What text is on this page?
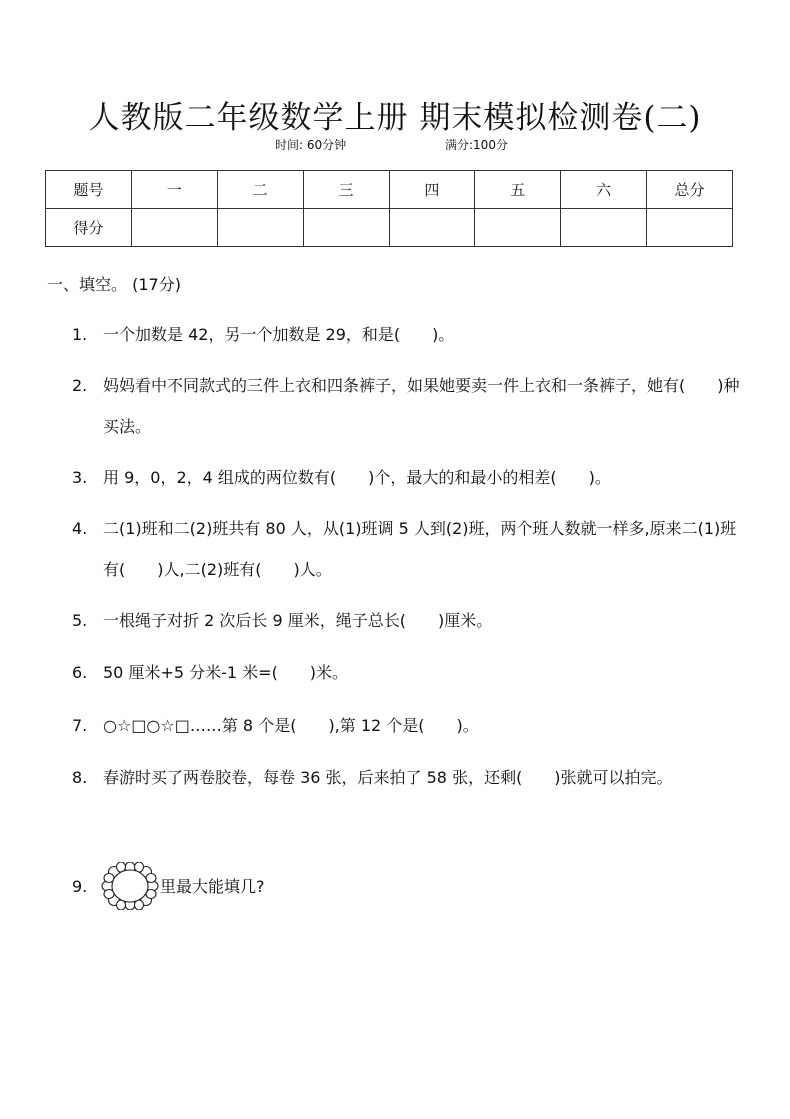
人教版二年级数学上册 期末模拟检测卷(二)
时间: 60分钟	满分:100分
题号	一	二	三	四	五	六	总分
得分							
一、填空。 (17分)
1. 一个加数是 42，另一个加数是 29，和是(　　)。
2. 妈妈看中不同款式的三件上衣和四条裤子，如果她要卖一件上衣和一条裤子，她有(　　)种买法。
3. 用 9，0，2，4 组成的两位数有(　　)个，最大的和最小的相差(　　)。
4. 二(1)班和二(2)班共有 80 人，从(1)班调 5 人到(2)班，两个班人数就一样多,原来二(1)班有(　　)人,二(2)班有(　　)人。
5. 一根绳子对折 2 次后长 9 厘米，绳子总长(　　)厘米。
6. 50 厘米+5 分米-1 米=(　　)米。
7. ○☆□○☆□……第 8 个是(　　),第 12 个是(　　)。
8. 春游时买了两卷胶卷，每卷 36 张，后来拍了 58 张，还剩(　　)张就可以拍完。
9.	里最大能填几?
